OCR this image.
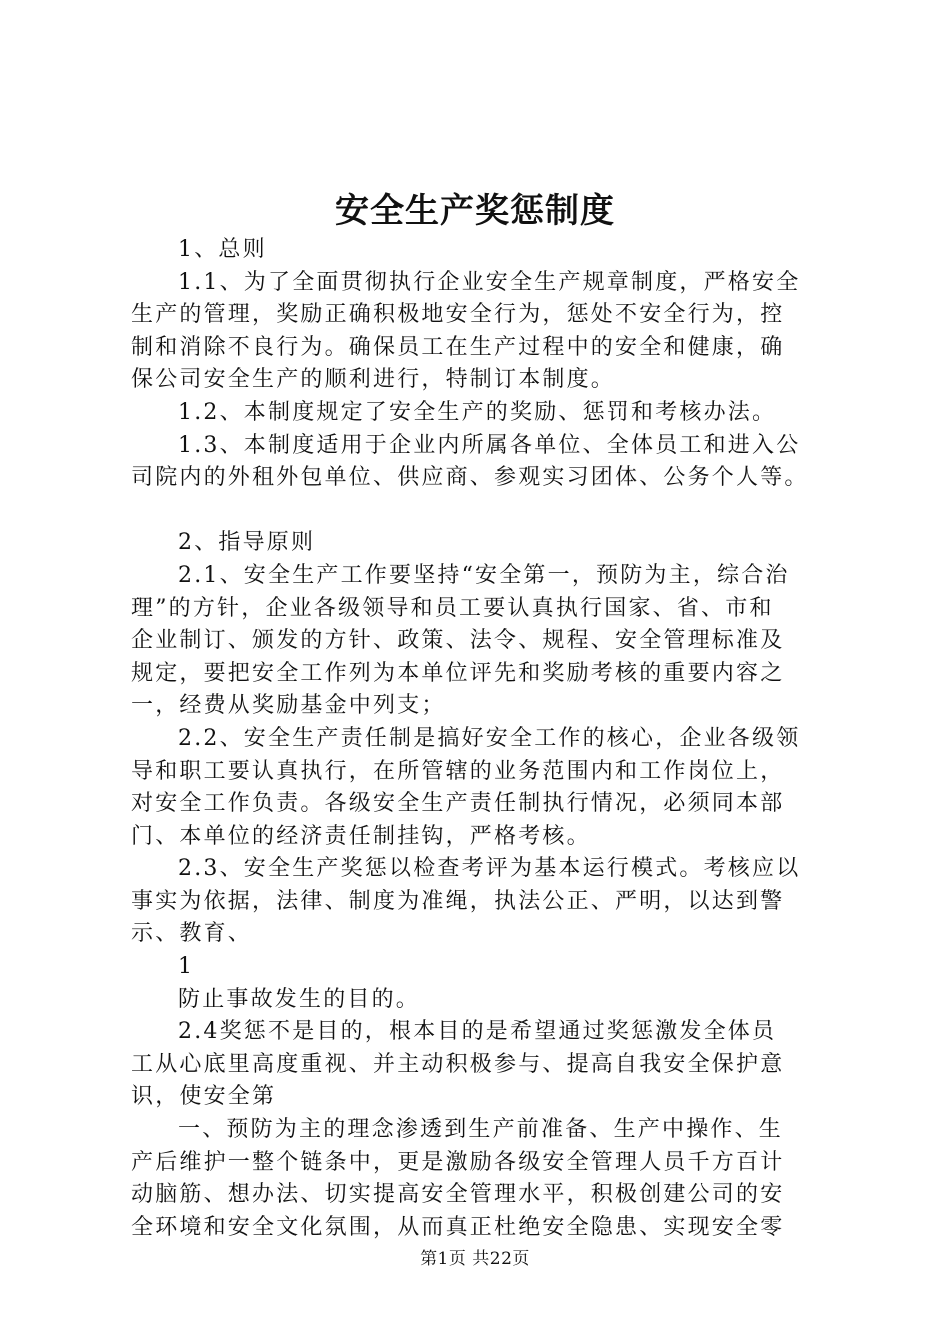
安全生产奖惩制度
1、总则
1.1、为了全面贯彻执行企业安全生产规章制度，严格安全
生产的管理，奖励正确积极地安全行为，惩处不安全行为，控
制和消除不良行为。确保员工在生产过程中的安全和健康，确
保公司安全生产的顺利进行，特制订本制度。
1.2、本制度规定了安全生产的奖励、惩罚和考核办法。
1.3、本制度适用于企业内所属各单位、全体员工和进入公
司院内的外租外包单位、供应商、参观实习团体、公务个人等。
2、指导原则
2.1、安全生产工作要坚持“安全第一，预防为主，综合治
理”的方针，企业各级领导和员工要认真执行国家、省、市和
企业制订、颁发的方针、政策、法令、规程、安全管理标准及
规定，要把安全工作列为本单位评先和奖励考核的重要内容之
一，经费从奖励基金中列支；
2.2、安全生产责任制是搞好安全工作的核心，企业各级领
导和职工要认真执行，在所管辖的业务范围内和工作岗位上，
对安全工作负责。各级安全生产责任制执行情况，必须同本部
门、本单位的经济责任制挂钩，严格考核。
2.3、安全生产奖惩以检查考评为基本运行模式。考核应以
事实为依据，法律、制度为准绳，执法公正、严明，以达到警
示、教育、
1
防止事故发生的目的。
2.4奖惩不是目的，根本目的是希望通过奖惩激发全体员
工从心底里高度重视、并主动积极参与、提高自我安全保护意
识，使安全第
一、预防为主的理念渗透到生产前准备、生产中操作、生
产后维护一整个链条中，更是激励各级安全管理人员千方百计
动脑筋、想办法、切实提高安全管理水平，积极创建公司的安
全环境和安全文化氛围，从而真正杜绝安全隐患、实现安全零
第1页 共22页
